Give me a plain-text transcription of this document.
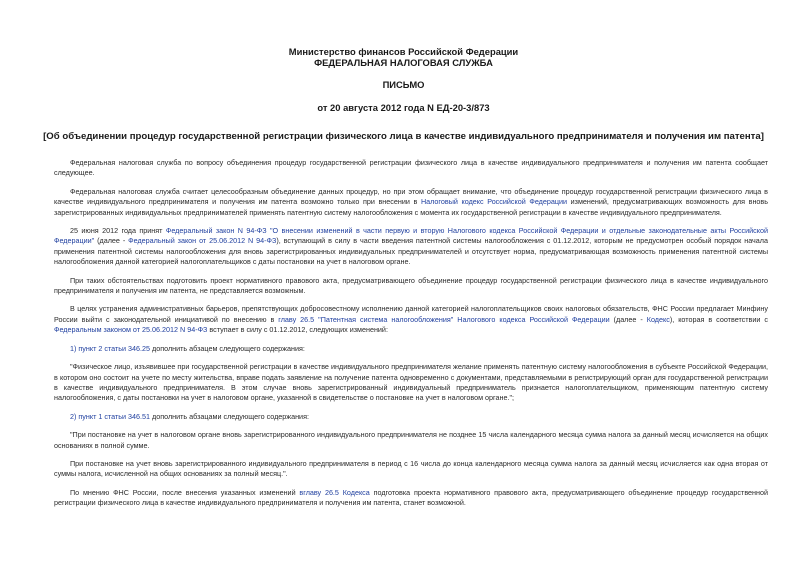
Министерство финансов Российской Федерации
ФЕДЕРАЛЬНАЯ НАЛОГОВАЯ СЛУЖБА
ПИСЬМО
от 20 августа 2012 года N ЕД-20-3/873
[Об объединении процедур государственной регистрации физического лица в качестве индивидуального предпринимателя и получения им патента]

Федеральная налоговая служба по вопросу объединения процедур государственной регистрации физического лица в качестве индивидуального предпринимателя и получения им патента сообщает следующее.

Федеральная налоговая служба считает целесообразным объединение данных процедур, но при этом обращает внимание, что объединение процедур государственной регистрации физического лица в качестве индивидуального предпринимателя и получения им патента возможно только при внесении в Налоговый кодекс Российской Федерации изменений, предусматривающих возможность для вновь зарегистрированных индивидуальных предпринимателей применять патентную систему налогообложения с момента их государственной регистрации в качестве индивидуального предпринимателя.

25 июня 2012 года принят Федеральный закон N 94-ФЗ "О внесении изменений в части первую и вторую Налогового кодекса Российской Федерации и отдельные законодательные акты Российской Федерации" (далее - Федеральный закон от 25.06.2012 N 94-ФЗ), вступающий в силу в части введения патентной системы налогообложения с 01.12.2012, которым не предусмотрен особый порядок начала применения патентной системы налогообложения для вновь зарегистрированных индивидуальных предпринимателей и отсутствует норма, предусматривающая возможность применения патентной системы налогообложения данной категорией налогоплательщиков с даты постановки на учет в налоговом органе.

При таких обстоятельствах подготовить проект нормативного правового акта, предусматривающего объединение процедур государственной регистрации физического лица в качестве индивидуального предпринимателя и получения им патента, не представляется возможным.

В целях устранения административных барьеров, препятствующих добросовестному исполнению данной категорией налогоплательщиков своих налоговых обязательств, ФНС России предлагает Минфину России выйти с законодательной инициативой по внесению в главу 26.5 "Патентная система налогообложения" Налогового кодекса Российской Федерации (далее - Кодекс), которая в соответствии с Федеральным законом от 25.06.2012 N 94-ФЗ вступает в силу с 01.12.2012, следующих изменений:

1) пункт 2 статьи 346.25 дополнить абзацем следующего содержания:

"Физическое лицо, изъявившее при государственной регистрации в качестве индивидуального предпринимателя желание применять патентную систему налогообложения в субъекте Российской Федерации, в котором оно состоит на учете по месту жительства, вправе подать заявление на получение патента одновременно с документами, представляемыми в регистрирующий орган для государственной регистрации в качестве индивидуального предпринимателя. В этом случае вновь зарегистрированный индивидуальный предприниматель признается налогоплательщиком, применяющим патентную систему налогообложения, с даты постановки на учет в налоговом органе, указанной в свидетельстве о постановке на учет в налоговом органе.";

2) пункт 1 статьи 346.51 дополнить абзацами следующего содержания:

"При постановке на учет в налоговом органе вновь зарегистрированного индивидуального предпринимателя не позднее 15 числа календарного месяца сумма налога за данный месяц исчисляется на общих основаниях в полной сумме.

При постановке на учет вновь зарегистрированного индивидуального предпринимателя в период с 16 числа до конца календарного месяца сумма налога за данный месяц исчисляется как одна вторая от суммы налога, исчисленной на общих основаниях за полный месяц.".

По мнению ФНС России, после внесения указанных изменений вглаву 26.5 Кодекса подготовка проекта нормативного правового акта, предусматривающего объединение процедур государственной регистрации физического лица в качестве индивидуального предпринимателя и получения им патента, станет возможной.
